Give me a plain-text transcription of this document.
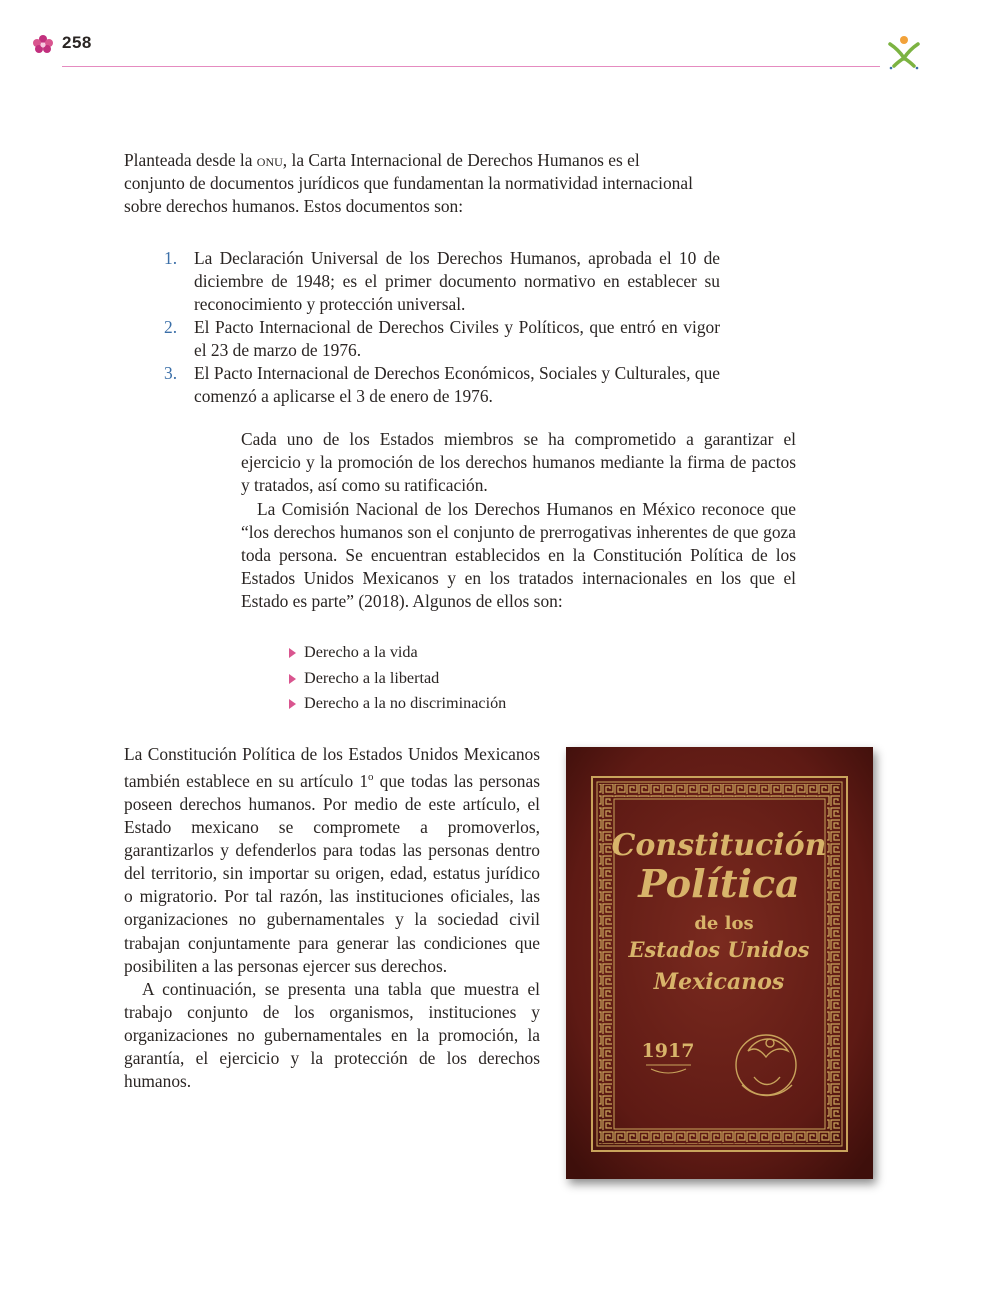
258

Planteada desde la onu, la Carta Internacional de Derechos Humanos es el conjunto de documentos jurídicos que fundamentan la normatividad internacional sobre derechos humanos. Estos documentos son:

1. La Declaración Universal de los Derechos Humanos, aprobada el 10 de diciembre de 1948; es el primer documento normativo en establecer su reconocimiento y protección universal.
2. El Pacto Internacional de Derechos Civiles y Políticos, que entró en vigor el 23 de marzo de 1976.
3. El Pacto Internacional de Derechos Económicos, Sociales y Culturales, que comenzó a aplicarse el 3 de enero de 1976.

Cada uno de los Estados miembros se ha comprometido a garantizar el ejercicio y la promoción de los derechos humanos mediante la firma de pactos y tratados, así como su ratificación.

La Comisión Nacional de los Derechos Humanos en México reconoce que “los derechos humanos son el conjunto de prerrogativas inherentes de que goza toda persona. Se encuentran establecidos en la Constitución Política de los Estados Unidos Mexicanos y en los tratados internacionales en los que el Estado es parte” (2018). Algunos de ellos son:

Derecho a la vida
Derecho a la libertad
Derecho a la no discriminación

La Constitución Política de los Estados Unidos Mexicanos también establece en su artículo 1$^o$ que todas las personas poseen derechos humanos. Por medio de este artículo, el Estado mexicano se compromete a promoverlos, garantizarlos y defenderlos para todas las personas dentro del territorio, sin importar su origen, edad, estatus jurídico o migratorio. Por tal razón, las instituciones oficiales, las organizaciones no gubernamentales y la sociedad civil trabajan conjuntamente para generar las condiciones que posibiliten a las personas ejercer sus derechos.

A continuación, se presenta una tabla que muestra el trabajo conjunto de los organismos, instituciones y organizaciones no gubernamentales en la promoción, la garantía, el ejercicio y la protección de los derechos humanos.

Constitución
Política
de los
Estados Unidos
Mexicanos
1917
